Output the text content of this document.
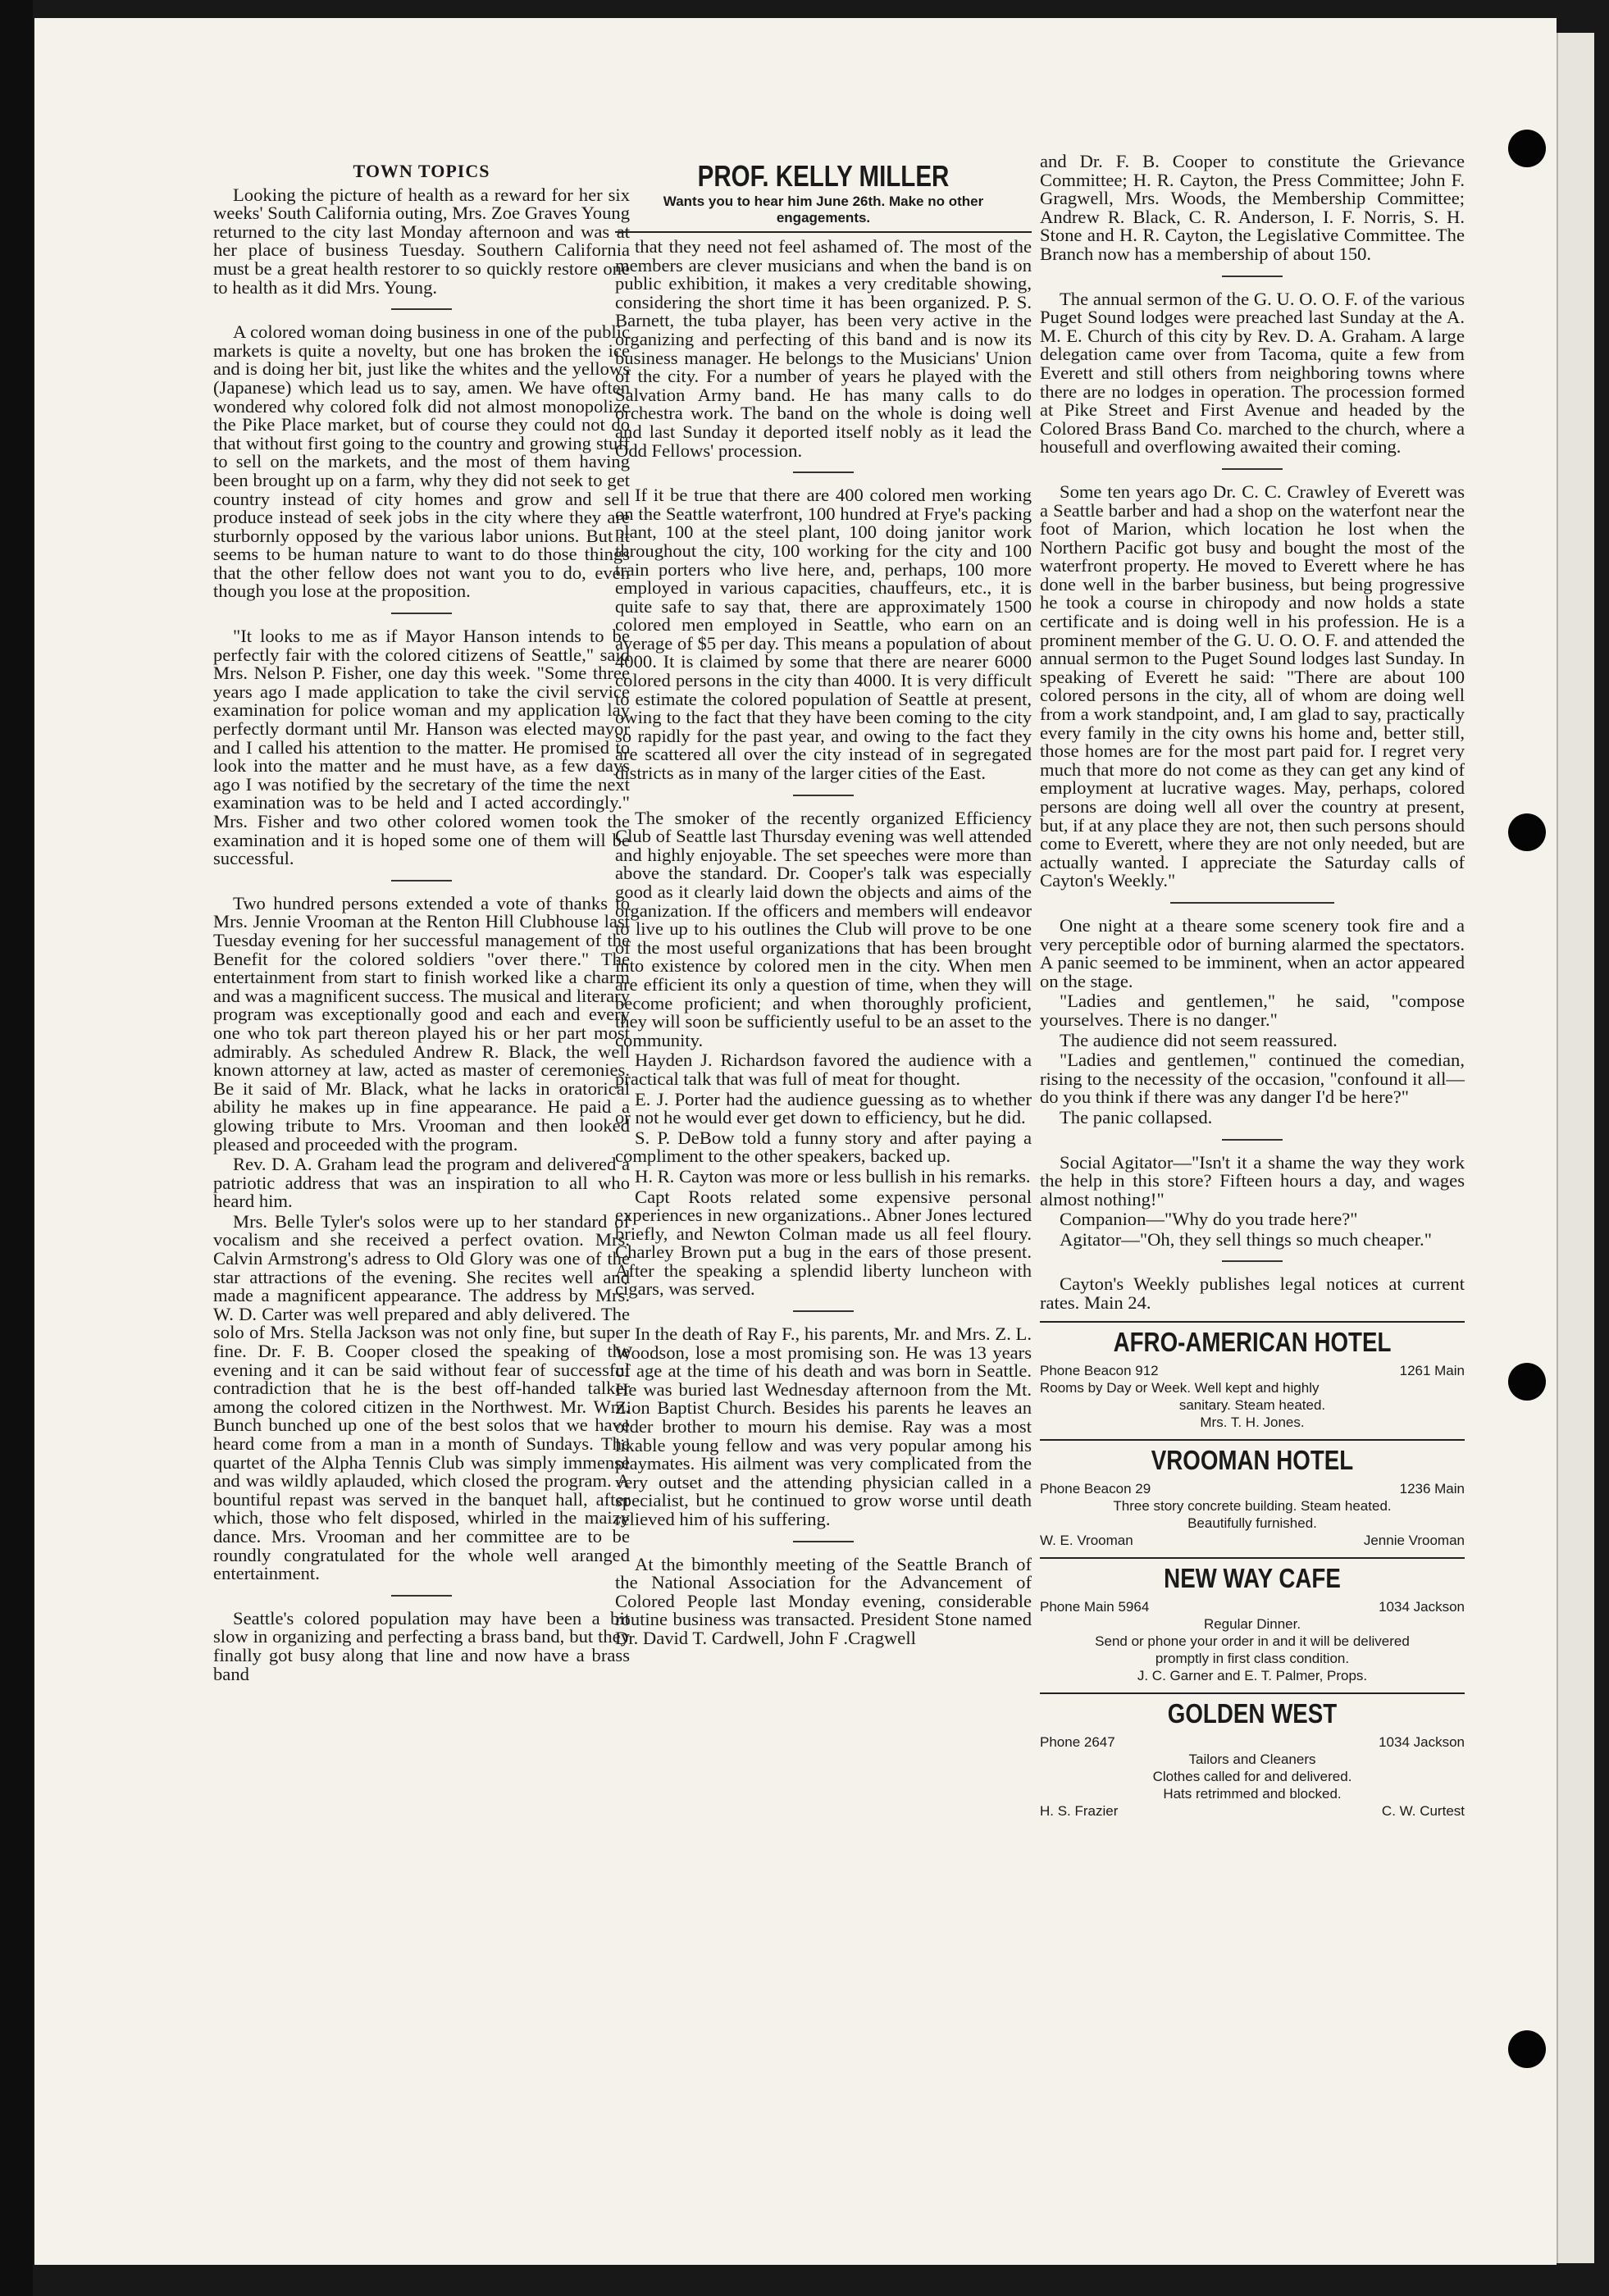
TOWN TOPICS

Looking the picture of health as a reward for her six weeks' South California outing, Mrs. Zoe Graves Young returned to the city last Monday afternoon and was at her place of business Tuesday. Southern California must be a great health restorer to so quickly restore one to health as it did Mrs. Young.

A colored woman doing business in one of the public markets is quite a novelty, but one has broken the ice and is doing her bit, just like the whites and the yellows (Japanese) which lead us to say, amen. We have often wondered why colored folk did not almost monopolize the Pike Place market, but of course they could not do that without first going to the country and growing stuff to sell on the markets, and the most of them having been brought up on a farm, why they did not seek to get country instead of city homes and grow and sell produce instead of seek jobs in the city where they are sturbornly opposed by the various labor unions. But it seems to be human nature to want to do those things that the other fellow does not want you to do, even though you lose at the proposition.

"It looks to me as if Mayor Hanson intends to be perfectly fair with the colored citizens of Seattle," said Mrs. Nelson P. Fisher, one day this week. "Some three years ago I made application to take the civil service examination for police woman and my application lay perfectly dormant until Mr. Hanson was elected mayor and I called his attention to the matter. He promised to look into the matter and he must have, as a few days ago I was notified by the secretary of the time the next examination was to be held and I acted accordingly." Mrs. Fisher and two other colored women took the examination and it is hoped some one of them will be successful.

Two hundred persons extended a vote of thanks to Mrs. Jennie Vrooman at the Renton Hill Clubhouse last Tuesday evening for her successful management of the Benefit for the colored soldiers "over there." The entertainment from start to finish worked like a charm and was a magnificent success. The musical and literary program was exceptionally good and each and every one who tok part thereon played his or her part most admirably. As scheduled Andrew R. Black, the well known attorney at law, acted as master of ceremonies. Be it said of Mr. Black, what he lacks in oratorical ability he makes up in fine appearance. He paid a glowing tribute to Mrs. Vrooman and then looked pleased and proceeded with the program.

Rev. D. A. Graham lead the program and delivered a patriotic address that was an inspiration to all who heard him.

Mrs. Belle Tyler's solos were up to her standard of vocalism and she received a perfect ovation. Mrs. Calvin Armstrong's adress to Old Glory was one of the star attractions of the evening. She recites well and made a magnificent appearance. The address by Mrs. W. D. Carter was well prepared and ably delivered. The solo of Mrs. Stella Jackson was not only fine, but super fine. Dr. F. B. Cooper closed the speaking of the evening and it can be said without fear of successful contradiction that he is the best off-handed talker among the colored citizen in the Northwest. Mr. Wm. Bunch bunched up one of the best solos that we have heard come from a man in a month of Sundays. The quartet of the Alpha Tennis Club was simply immense and was wildly aplauded, which closed the program. A bountiful repast was served in the banquet hall, after which, those who felt disposed, whirled in the maizy dance. Mrs. Vrooman and her committee are to be roundly congratulated for the whole well aranged entertainment.

Seattle's colored population may have been a bit slow in organizing and perfecting a brass band, but they finally got busy along that line and now have a brass band

PROF. KELLY MILLER
Wants you to hear him June 26th. Make no other engagements.

that they need not feel ashamed of. The most of the members are clever musicians and when the band is on public exhibition, it makes a very creditable showing, considering the short time it has been organized. P. S. Barnett, the tuba player, has been very active in the organizing and perfecting of this band and is now its business manager. He belongs to the Musicians' Union of the city. For a number of years he played with the Salvation Army band. He has many calls to do orchestra work. The band on the whole is doing well and last Sunday it deported itself nobly as it lead the Odd Fellows' procession.

If it be true that there are 400 colored men working on the Seattle waterfront, 100 hundred at Frye's packing plant, 100 at the steel plant, 100 doing janitor work throughout the city, 100 working for the city and 100 train porters who live here, and, perhaps, 100 more employed in various capacities, chauffeurs, etc., it is quite safe to say that, there are approximately 1500 colored men employed in Seattle, who earn on an average of $5 per day. This means a population of about 4000. It is claimed by some that there are nearer 6000 colored persons in the city than 4000. It is very difficult to estimate the colored population of Seattle at present, owing to the fact that they have been coming to the city so rapidly for the past year, and owing to the fact they are scattered all over the city instead of in segregated districts as in many of the larger cities of the East.

The smoker of the recently organized Efficiency Club of Seattle last Thursday evening was well attended and highly enjoyable. The set speeches were more than above the standard. Dr. Cooper's talk was especially good as it clearly laid down the objects and aims of the organization. If the officers and members will endeavor to live up to his outlines the Club will prove to be one of the most useful organizations that has been brought into existence by colored men in the city. When men are efficient its only a question of time, when they will become proficient; and when thoroughly proficient, they will soon be sufficiently useful to be an asset to the community.

Hayden J. Richardson favored the audience with a practical talk that was full of meat for thought.

E. J. Porter had the audience guessing as to whether or not he would ever get down to efficiency, but he did.

S. P. DeBow told a funny story and after paying a compliment to the other speakers, backed up.

H. R. Cayton was more or less bullish in his remarks.

Capt Roots related some expensive personal experiences in new organizations.. Abner Jones lectured briefly, and Newton Colman made us all feel floury. Charley Brown put a bug in the ears of those present. After the speaking a splendid liberty luncheon with cigars, was served.

In the death of Ray F., his parents, Mr. and Mrs. Z. L. Woodson, lose a most promising son. He was 13 years of age at the time of his death and was born in Seattle. He was buried last Wednesday afternoon from the Mt. Zion Baptist Church. Besides his parents he leaves an older brother to mourn his demise. Ray was a most likable young fellow and was very popular among his playmates. His ailment was very complicated from the very outset and the attending physician called in a specialist, but he continued to grow worse until death relieved him of his suffering.

At the bimonthly meeting of the Seattle Branch of the National Association for the Advancement of Colored People last Monday evening, considerable routine business was transacted. President Stone named Dr. David T. Cardwell, John F .Cragwell

and Dr. F. B. Cooper to constitute the Grievance Committee; H. R. Cayton, the Press Committee; John F. Gragwell, Mrs. Woods, the Membership Committee; Andrew R. Black, C. R. Anderson, I. F. Norris, S. H. Stone and H. R. Cayton, the Legislative Committee. The Branch now has a membership of about 150.

The annual sermon of the G. U. O. O. F. of the various Puget Sound lodges were preached last Sunday at the A. M. E. Church of this city by Rev. D. A. Graham. A large delegation came over from Tacoma, quite a few from Everett and still others from neighboring towns where there are no lodges in operation. The procession formed at Pike Street and First Avenue and headed by the Colored Brass Band Co. marched to the church, where a housefull and overflowing awaited their coming.

Some ten years ago Dr. C. C. Crawley of Everett was a Seattle barber and had a shop on the waterfont near the foot of Marion, which location he lost when the Northern Pacific got busy and bought the most of the waterfront property. He moved to Everett where he has done well in the barber business, but being progressive he took a course in chiropody and now holds a state certificate and is doing well in his profession. He is a prominent member of the G. U. O. O. F. and attended the annual sermon to the Puget Sound lodges last Sunday. In speaking of Everett he said: "There are about 100 colored persons in the city, all of whom are doing well from a work standpoint, and, I am glad to say, practically every family in the city owns his home and, better still, those homes are for the most part paid for. I regret very much that more do not come as they can get any kind of employment at lucrative wages. May, perhaps, colored persons are doing well all over the country at present, but, if at any place they are not, then such persons should come to Everett, where they are not only needed, but are actually wanted. I appreciate the Saturday calls of Cayton's Weekly."

One night at a theare some scenery took fire and a very perceptible odor of burning alarmed the spectators. A panic seemed to be imminent, when an actor appeared on the stage.

"Ladies and gentlemen," he said, "compose yourselves. There is no danger."

The audience did not seem reassured.

"Ladies and gentlemen," continued the comedian, rising to the necessity of the occasion, "confound it all—do you think if there was any danger I'd be here?"

The panic collapsed.

Social Agitator—"Isn't it a shame the way they work the help in this store? Fifteen hours a day, and wages almost nothing!"

Companion—"Why do you trade here?"

Agitator—"Oh, they sell things so much cheaper."

Cayton's Weekly publishes legal notices at current rates. Main 24.

AFRO-AMERICAN HOTEL
Phone Beacon 912	1261 Main
Rooms by Day or Week. Well kept and highly
sanitary. Steam heated.
Mrs. T. H. Jones.
VROOMAN HOTEL
Phone Beacon 29	1236 Main
Three story concrete building. Steam heated.
Beautifully furnished.
W. E. Vrooman	Jennie Vrooman
NEW WAY CAFE
Phone Main 5964	1034 Jackson
Regular Dinner.
Send or phone your order in and it will be delivered
promptly in first class condition.
J. C. Garner and E. T. Palmer, Props.
GOLDEN WEST
Phone 2647	1034 Jackson
Tailors and Cleaners
Clothes called for and delivered.
Hats retrimmed and blocked.
H. S. Frazier	C. W. Curtest
